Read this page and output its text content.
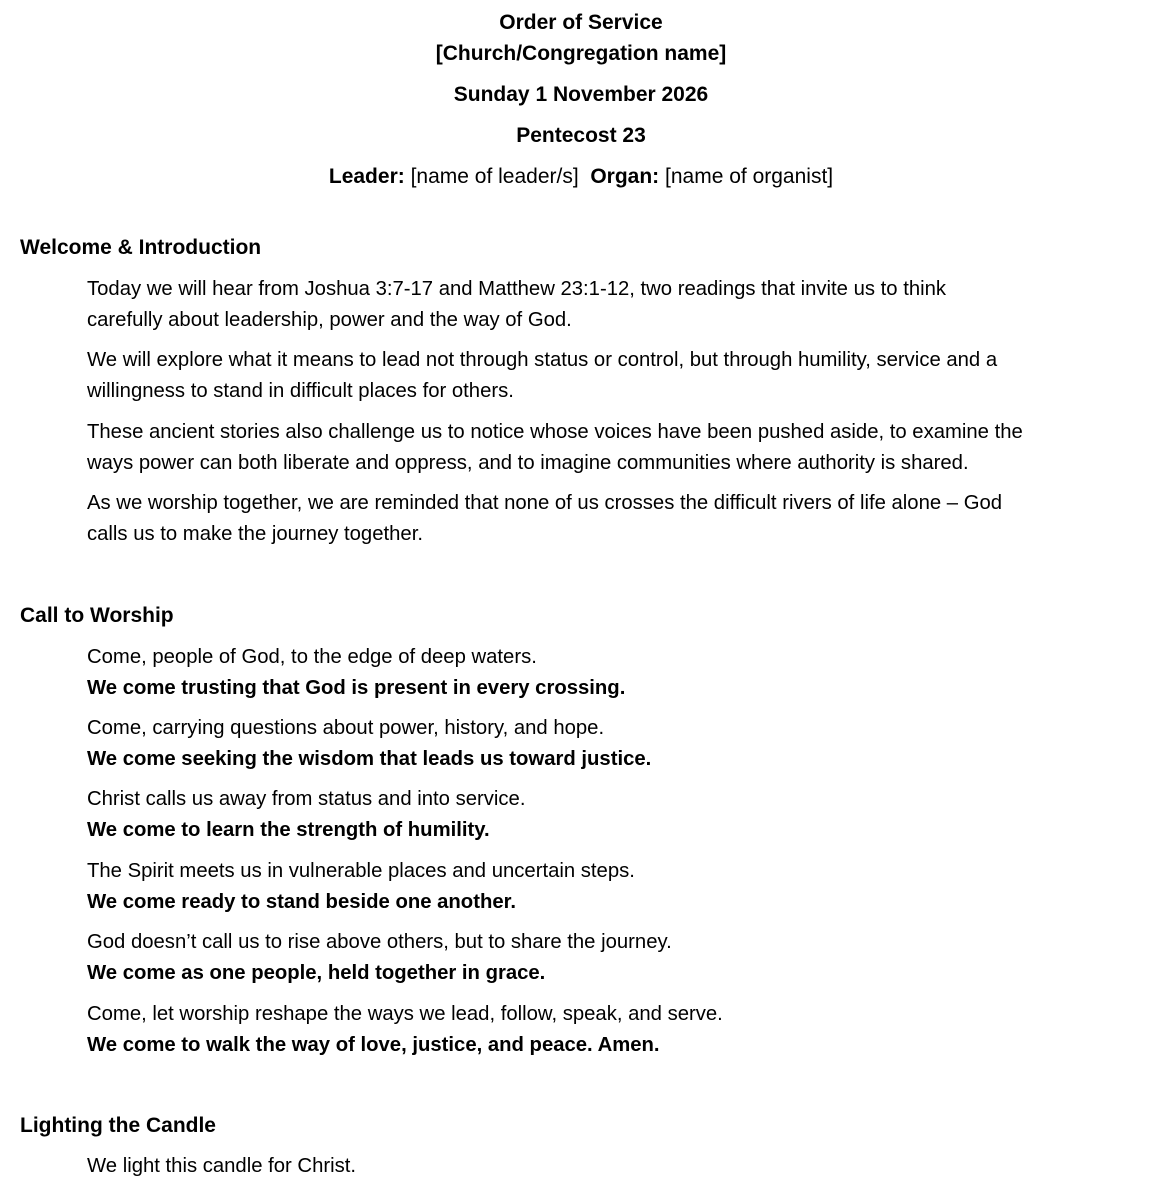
Order of Service
[Church/Congregation name]
Sunday 1 November 2026
Pentecost 23
Leader: [name of leader/s] Organ: [name of organist]
Welcome & Introduction
Today we will hear from Joshua 3:7-17 and Matthew 23:1-12, two readings that invite us to think
carefully about leadership, power and the way of God.
We will explore what it means to lead not through status or control, but through humility, service and a
willingness to stand in difficult places for others.
These ancient stories also challenge us to notice whose voices have been pushed aside, to examine the
ways power can both liberate and oppress, and to imagine communities where authority is shared.
As we worship together, we are reminded that none of us crosses the difficult rivers of life alone – God
calls us to make the journey together.
Call to Worship
Come, people of God, to the edge of deep waters.
We come trusting that God is present in every crossing.
Come, carrying questions about power, history, and hope.
We come seeking the wisdom that leads us toward justice.
Christ calls us away from status and into service.
We come to learn the strength of humility.
The Spirit meets us in vulnerable places and uncertain steps.
We come ready to stand beside one another.
God doesn’t call us to rise above others, but to share the journey.
We come as one people, held together in grace.
Come, let worship reshape the ways we lead, follow, speak, and serve.
We come to walk the way of love, justice, and peace. Amen.
Lighting the Candle
We light this candle for Christ.
